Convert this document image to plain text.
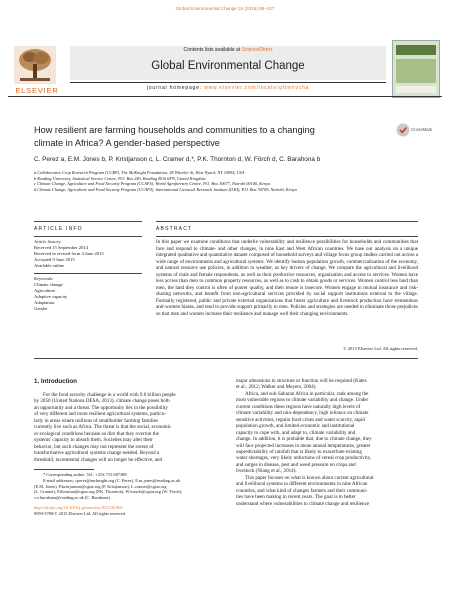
Global Environmental Change 34 (2015) 95–107
ELSEVIER
Contents lists available at ScienceDirect
Global Environmental Change
journal homepage: www.elsevier.com/locate/gloenvcha
How resilient are farming households and communities to a changing
climate in Africa? A gender-based perspective
CrossMark
C. Perez a, E.M. Jones b, P. Kristjanson c, L. Cramer d,*, P.K. Thornton d, W. Förch d, C. Barahona b
a Collaborative Crop Research Program (CCRP), The McKnight Foundation, 28 Wheeler St, West Nyack, NY 10994, USA
b Reading University, Statistical Service Centre, P.O. Box 240, Reading RG6 6FN, United Kingdom
c Climate Change, Agriculture and Food Security Program (CCAFS), World Agroforestry Centre, P.O. Box 30677, Nairobi 00100, Kenya
d Climate Change, Agriculture and Food Security Program (CCAFS), International Livestock Research Institute (ILRI), P.O. Box 30709, Nairobi, Kenya
ARTICLE INFO
Article history:
Received 15 September 2014
Received in revised form 4 June 2015
Accepted 9 June 2015
Available online
Keywords:
Climate change
Agriculture
Adaptive capacity
Adaptation
Gender
ABSTRACT

In this paper we examine conditions that underlie vulnerability and resilience possibilities for households and communities that face and respond to climate- and other changes, in nine East and West African countries. We base our analysis on a unique integrated qualitative and quantitative dataset composed of household surveys and village focus group studies carried out across a wide range of environments and agricultural systems. We identify human population growth, commercialization of the economy, and natural resource use policies, in addition to weather, as key drivers of change. We compare the agricultural and livelihood systems of male and female respondents, as well as their productive resources, organization and access to services. Women have less access than men to common property resources, as well as to cash to obtain goods or services. Women control less land than men, the land they control is often of poorer quality, and their tenure is insecure. Women engage in mutual insurance and risk-sharing networks, and benefit from non-agricultural services provided by social support institutions external to the village. Formally registered, public and private external organizations that foster agriculture and livestock production have tremendous anti-women biases, and tend to provide support primarily to men. Policies and strategies are needed to eliminate those prejudices so that men and women increase their resilience and manage well their changing environments.

© 2015 Elsevier Ltd. All rights reserved.
1. Introduction
For the food security challenge in a world with 9.6 billion people
by 2050 (United Nations DESA, 2013), climate change poses both
an opportunity and a threat. The opportunity lies in the possibility
of very different and more resilient agricultural systems, particu-
larly in areas where millions of smallholder farming families
currently live such as Africa. The threat is that the social, economic
or ecological conditions because so dire that they overrun the
systems' capacity to absorb them. Societies may alter their
behavior, but such changes may not represent the extent of
transformative agricultural systems change needed. Beyond a
threshold, incremental changes will no longer be effective, and
major alterations in structure or function will be required (Kates
et al., 2012; Walker and Meyers, 2004).
Africa, and sub-Saharan Africa in particular, rank among the
most vulnerable regions to climate variability and change. Under
current conditions these regions have naturally high levels of
climate variability and rain-dependency, high reliance on climate
sensitive activities, regular food crises and water scarcity, rapid
population growth, and limited economic and institutional
capacity to cope with, and adapt to, climate variability and
change. In addition, it is probable that, due to climate change, they
will face projected increases in mean annual temperatures, greater
unpredictability of rainfall that is likely to exacerbate existing
water shortages, very likely reductions of cereal crop productivity,
and surges in disease, pest and weed pressure on crops and
livestock (Niang et al., 2014).
This paper focuses on what is known about current agricultural
and livelihood systems in different environments in nine African
countries, and what kind of changes farmers and their communi-
ties have been making in recent years. The goal is to better
understand where vulnerabilities to climate change and resilience
* Corresponding author. Tel.: +254 715 687388.
E-mail addresses: cperez@mcknight.org (C. Perez), E.m.jones@reading.ac.uk
(E.M. Jones), P.kristjanson@cgiar.org (P. Kristjanson), L.cramer@cgiar.org
(L. Cramer), P.thornton@cgiar.org (P.K. Thornton), W.foerch@cgiar.org (W. Förch),
c.e.barahona@reading.ac.uk (C. Barahona).
http://dx.doi.org/10.1016/j.gloenvcha.2015.06.003
0959-3780/© 2015 Elsevier Ltd. All rights reserved.
